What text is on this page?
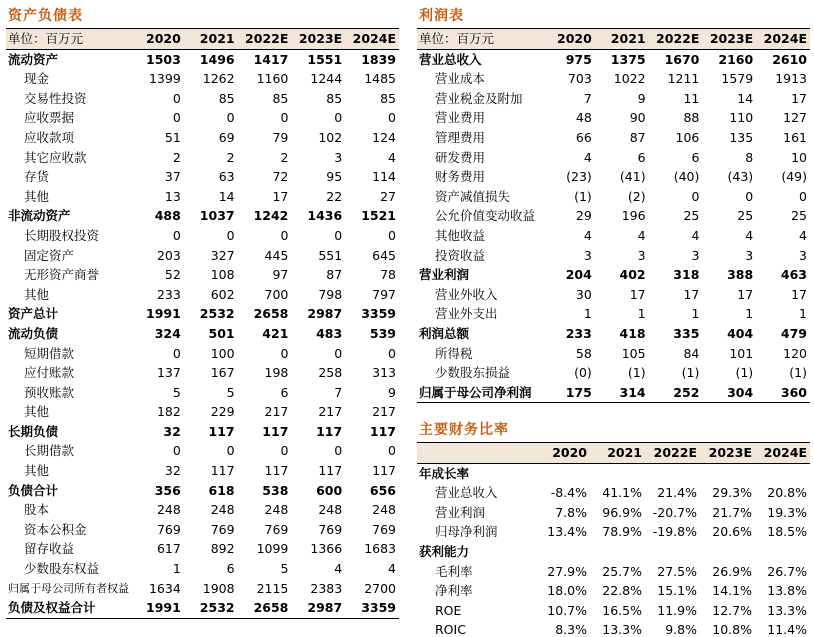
资产负债表
单位：百万元	2020	2021	2022E	2023E	2024E
流动资产	1503	1496	1417	1551	1839
现金	1399	1262	1160	1244	1485
交易性投资	0	85	85	85	85
应收票据	0	0	0	0	0
应收款项	51	69	79	102	124
其它应收款	2	2	2	3	4
存货	37	63	72	95	114
其他	13	14	17	22	27
非流动资产	488	1037	1242	1436	1521
长期股权投资	0	0	0	0	0
固定资产	203	327	445	551	645
无形资产商誉	52	108	97	87	78
其他	233	602	700	798	797
资产总计	1991	2532	2658	2987	3359
流动负债	324	501	421	483	539
短期借款	0	100	0	0	0
应付账款	137	167	198	258	313
预收账款	5	5	6	7	9
其他	182	229	217	217	217
长期负债	32	117	117	117	117
长期借款	0	0	0	0	0
其他	32	117	117	117	117
负债合计	356	618	538	600	656
股本	248	248	248	248	248
资本公积金	769	769	769	769	769
留存收益	617	892	1099	1366	1683
少数股东权益	1	6	5	4	4
归属于母公司所有者权益	1634	1908	2115	2383	2700
负债及权益合计	1991	2532	2658	2987	3359
利润表
单位：百万元	2020	2021	2022E	2023E	2024E
营业总收入	975	1375	1670	2160	2610
营业成本	703	1022	1211	1579	1913
营业税金及附加	7	9	11	14	17
营业费用	48	90	88	110	127
管理费用	66	87	106	135	161
研发费用	4	6	6	8	10
财务费用	(23)	(41)	(40)	(43)	(49)
资产减值损失	(1)	(2)	0	0	0
公允价值变动收益	29	196	25	25	25
其他收益	4	4	4	4	4
投资收益	3	3	3	3	3
营业利润	204	402	318	388	463
营业外收入	30	17	17	17	17
营业外支出	1	1	1	1	1
利润总额	233	418	335	404	479
所得税	58	105	84	101	120
少数股东损益	(0)	(1)	(1)	(1)	(1)
归属于母公司净利润	175	314	252	304	360
主要财务比率
	2020	2021	2022E	2023E	2024E
年成长率					
营业总收入	-8.4%	41.1%	21.4%	29.3%	20.8%
营业利润	7.8%	96.9%	-20.7%	21.7%	19.3%
归母净利润	13.4%	78.9%	-19.8%	20.6%	18.5%
获利能力					
毛利率	27.9%	25.7%	27.5%	26.9%	26.7%
净利率	18.0%	22.8%	15.1%	14.1%	13.8%
ROE	10.7%	16.5%	11.9%	12.7%	13.3%
ROIC	8.3%	13.3%	9.8%	10.8%	11.4%
